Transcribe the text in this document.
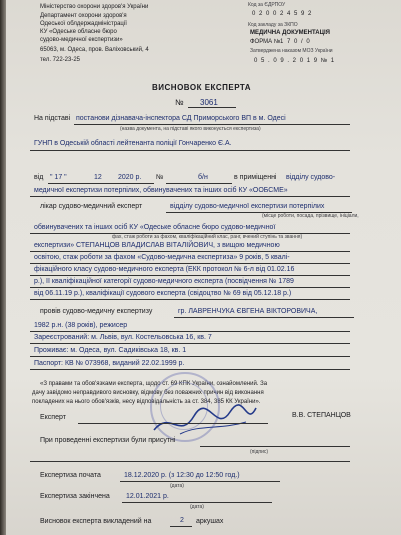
Міністерство охорони здоров'я України
Департамент охорони здоров'я
Одеської облдержадміністрації
КУ «Одеське обласне бюро
судово-медичної експертизи»
65063, м. Одеса, пров. Валіховський, 4
тел. 722-23-25
Код за ЄДРПОУ
0 2 0 0 2 4 5 9 2
Код закладу за ЗКПО
МЕДИЧНА ДОКУМЕНТАЦІЯ
ФОРМА № 1 7 0 / 0
Затверджена наказом МОЗ України
0 5 . 0 9 . 2 0 1 9 № 1
ВИСНОВОК ЕКСПЕРТА
№ 3061
На підставі постанови дізнавача-інспектора СД Приморського ВП в м. Одесі
(назва документа, на підставі якого виконується експертиза)
ГУНП в Одеській області лейтенанта поліції Гончаренко Є.А.
від " 17 "	12 2020 р. №	б/н	в приміщенні відділу судово-
медичної експертизи потерпілих, обвинувачених та інших осіб КУ «ООБСМЕ»
лікар судово-медичний експерт	відділу судово-медичної експертизи потерпілих
(місце роботи, посада, прізвище, ініціали,
обвинувачених та інших осіб КУ «Одеське обласне бюро судово-медичної
фах, стаж роботи за фахом, кваліфікаційний клас, ранг, вчений ступінь та звання)
експертизи» СТЕПАНЦОВ ВЛАДИСЛАВ ВІТАЛІЙОВИЧ, з вищою медичною
освітою, стаж роботи за фахом «Судово-медична експертиза» 9 років, 5 квалі-
фікаційного класу судово-медичного експерта (ЕКК протокол № 6-л від 01.02.16
р.), ІІ кваліфікаційної категорії судово-медичного експерта (посвідчення № 1789
від 06.11.19 р.), кваліфікації судового експерта (свідоцтво № 69 від 05.12.18 р.)
провів судово-медичну експертизу	гр. ЛАВРЕНЧУКА ЄВГЕНА ВІКТОРОВИЧА,
1982 р.н. (38 років), режисер
Зареєстрований: м. Львів, вул. Костельовська 16, кв. 7
Проживає: м. Одеса, вул. Садиківська 18, кв. 1
Паспорт: КВ № 073968, виданий 22.02.1999 р.
«З правами та обов'язками експерта, щодо ст. 69 КПК України, ознайомлений. За
дачу завідомо неправдивого висновку, відмову без поважних причин від виконання
покладених на нього обов'язків, несу відповідальність за ст. 384, 385 КК України».
Експерт	В.В. СТЕПАНЦОВ
При проведенні експертизи були присутні
(підпис)
Експертиза почата	18.12.2020 р. (з 12:30 до 12:50 год.)
(дата)
Експертиза закінчена 12.01.2021 р.
(дата)
Висновок експерта викладений на	2 аркушах
